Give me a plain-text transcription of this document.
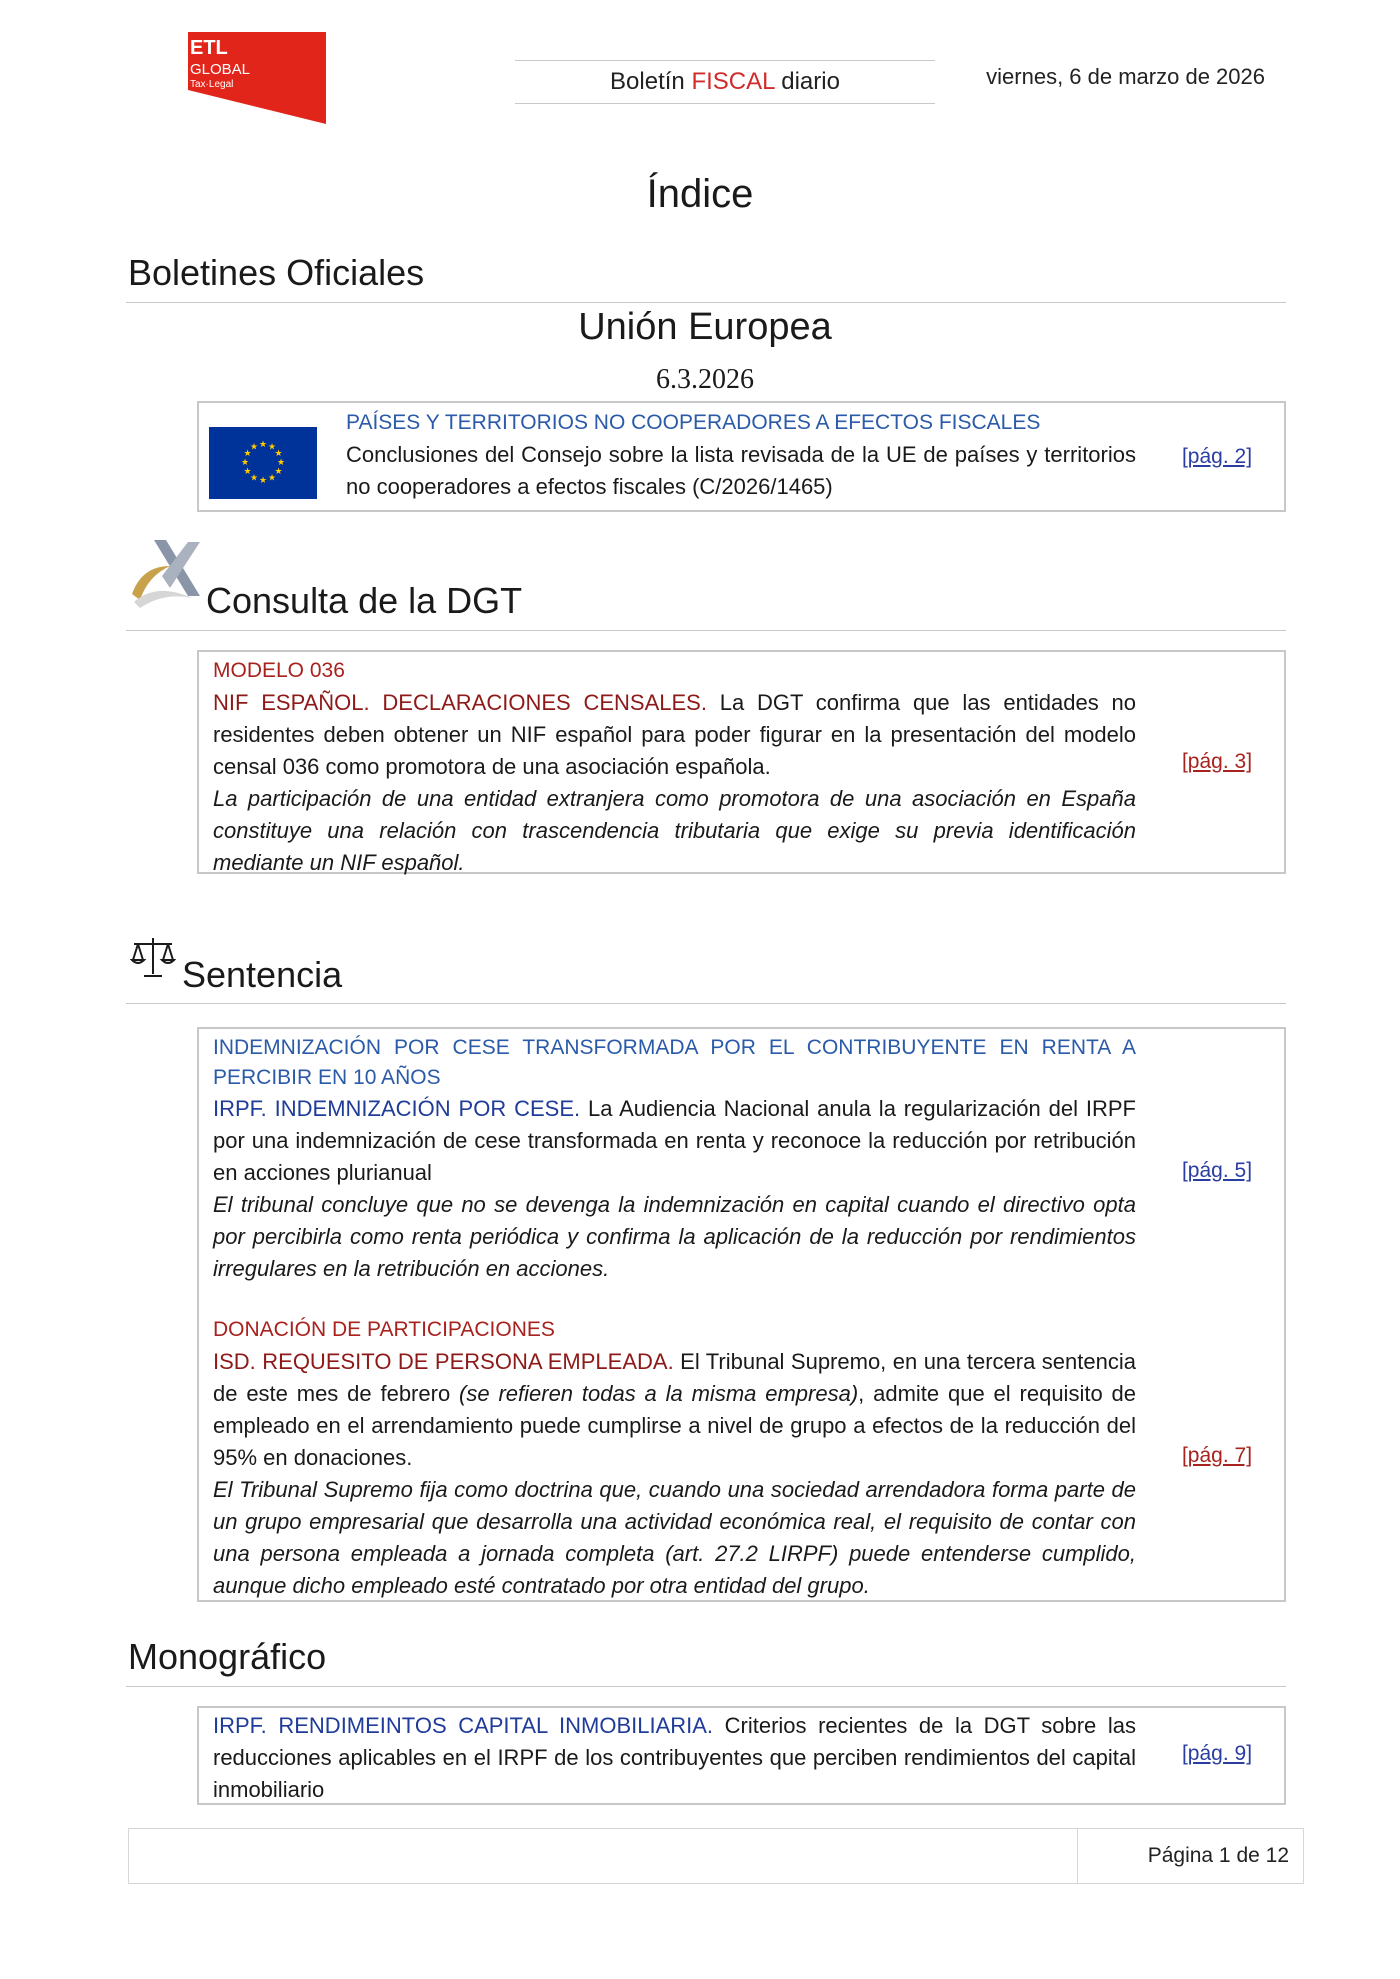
ETL
GLOBAL
Tax·Legal
ADD
Boletín FISCAL diario	viernes, 6 de marzo de 2026
Índice
Boletines Oficiales
Unión Europea
6.3.2026
★ ★
★
★
★
★
★
★
★
★
★
★
PAÍSES Y TERRITORIOS NO COOPERADORES A EFECTOS FISCALES
Conclusiones del Consejo sobre la lista revisada de la UE de países y territorios no cooperadores a efectos fiscales (C/2026/1465)
[pág. 2]
Consulta de la DGT
MODELO 036
NIF ESPAÑOL. DECLARACIONES CENSALES. La DGT confirma que las entidades no residentes deben obtener un NIF español para poder figurar en la presentación del modelo censal 036 como promotora de una asociación española.
La participación de una entidad extranjera como promotora de una asociación en España constituye una relación con trascendencia tributaria que exige su previa identificación mediante un NIF español.
[pág. 3]
Sentencia
INDEMNIZACIÓN POR CESE TRANSFORMADA POR EL CONTRIBUYENTE EN RENTA A PERCIBIR EN 10 AÑOS
IRPF. INDEMNIZACIÓN POR CESE. La Audiencia Nacional anula la regularización del IRPF por una indemnización de cese transformada en renta y reconoce la reducción por retribución en acciones plurianual
El tribunal concluye que no se devenga la indemnización en capital cuando el directivo opta por percibirla como renta periódica y confirma la aplicación de la reducción por rendimientos irregulares en la retribución en acciones.
[pág. 5]
DONACIÓN DE PARTICIPACIONES
ISD. REQUESITO DE PERSONA EMPLEADA. El Tribunal Supremo, en una tercera sentencia de este mes de febrero (se refieren todas a la misma empresa), admite que el requisito de empleado en el arrendamiento puede cumplirse a nivel de grupo a efectos de la reducción del 95% en donaciones.
El Tribunal Supremo fija como doctrina que, cuando una sociedad arrendadora forma parte de un grupo empresarial que desarrolla una actividad económica real, el requisito de contar con una persona empleada a jornada completa (art. 27.2 LIRPF) puede entenderse cumplido, aunque dicho empleado esté contratado por otra entidad del grupo.
[pág. 7]
Monográfico
IRPF. RENDIMEINTOS CAPITAL INMOBILIARIA. Criterios recientes de la DGT sobre las reducciones aplicables en el IRPF de los contribuyentes que perciben rendimientos del capital inmobiliario
[pág. 9]
Página 1 de 12
